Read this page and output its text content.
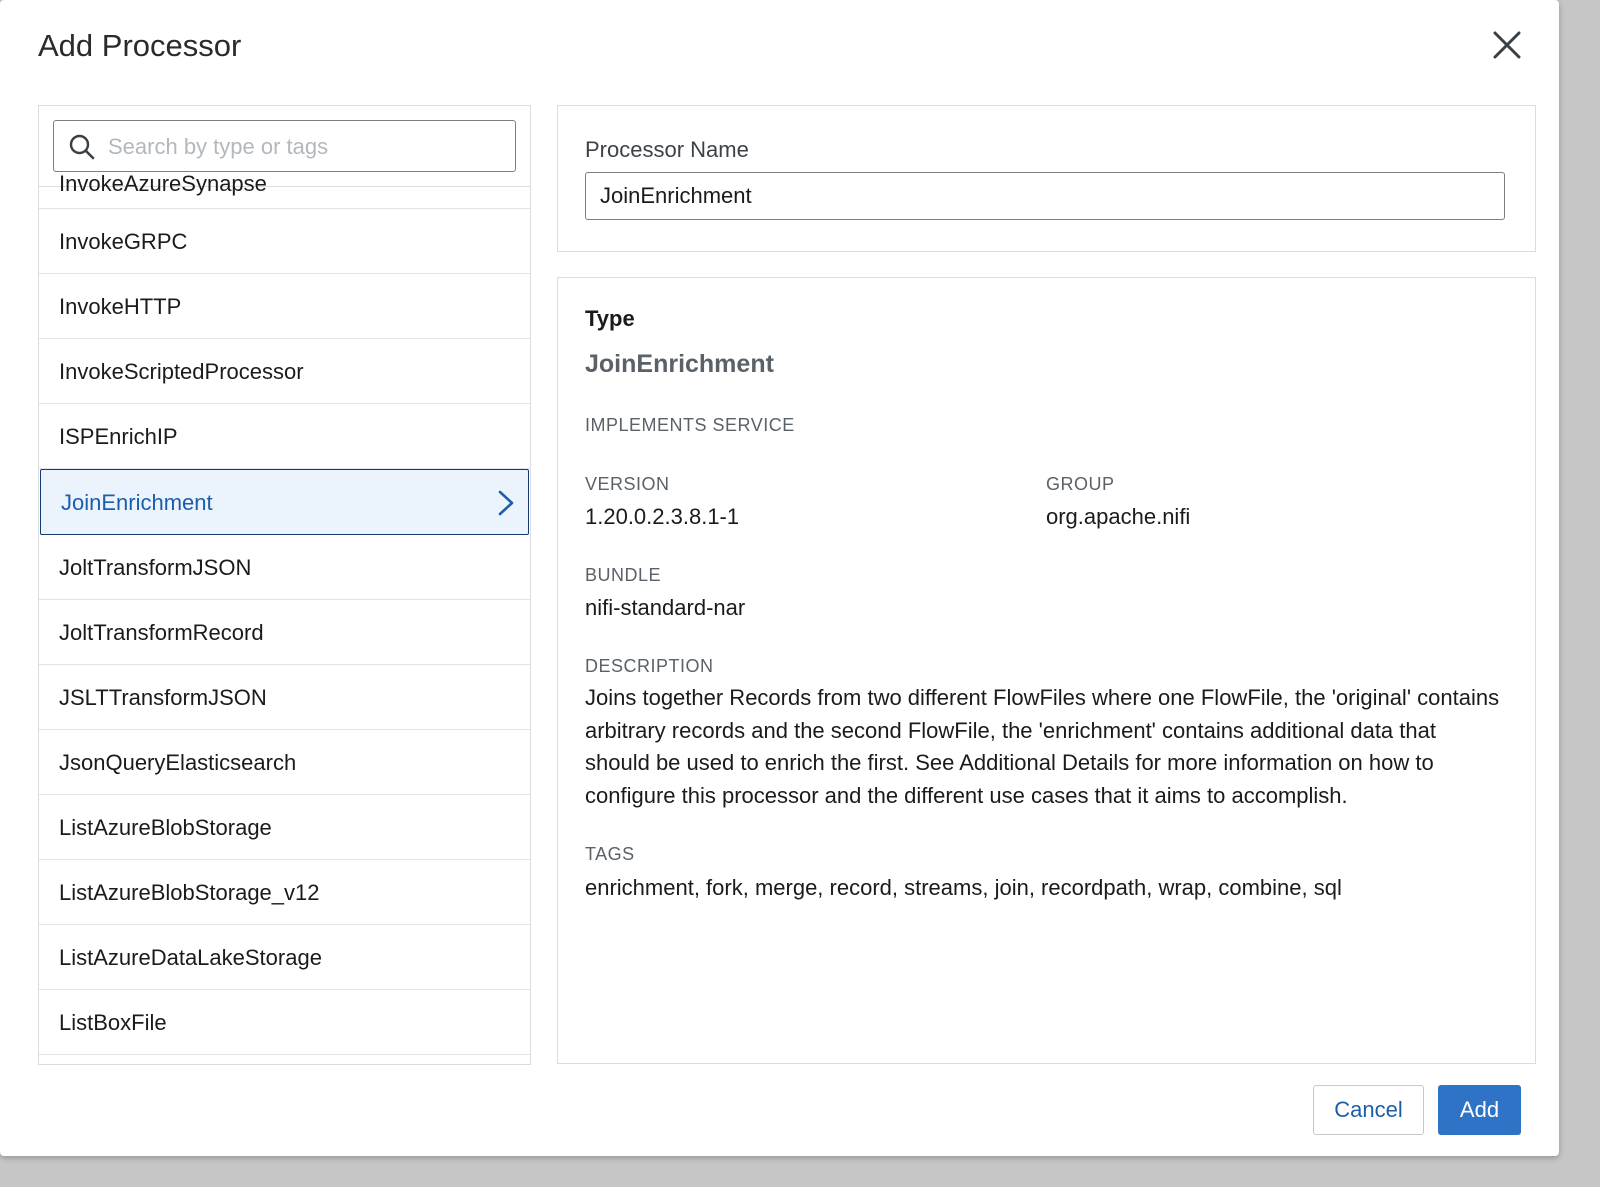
Add Processor
Search by type or tags
InvokeAzureSynapse
InvokeGRPC
InvokeHTTP
InvokeScriptedProcessor
ISPEnrichIP
JoinEnrichment
JoltTransformJSON
JoltTransformRecord
JSLTTransformJSON
JsonQueryElasticsearch
ListAzureBlobStorage
ListAzureBlobStorage_v12
ListAzureDataLakeStorage
ListBoxFile
Processor Name
JoinEnrichment
Type
JoinEnrichment
IMPLEMENTS SERVICE
VERSION
1.20.0.2.3.8.1-1
GROUP
org.apache.nifi
BUNDLE
nifi-standard-nar
DESCRIPTION
Joins together Records from two different FlowFiles where one FlowFile, the 'original' contains arbitrary records and the second FlowFile, the 'enrichment' contains additional data that should be used to enrich the first. See Additional Details for more information on how to configure this processor and the different use cases that it aims to accomplish.
TAGS
enrichment, fork, merge, record, streams, join, recordpath, wrap, combine, sql
Cancel	Add
